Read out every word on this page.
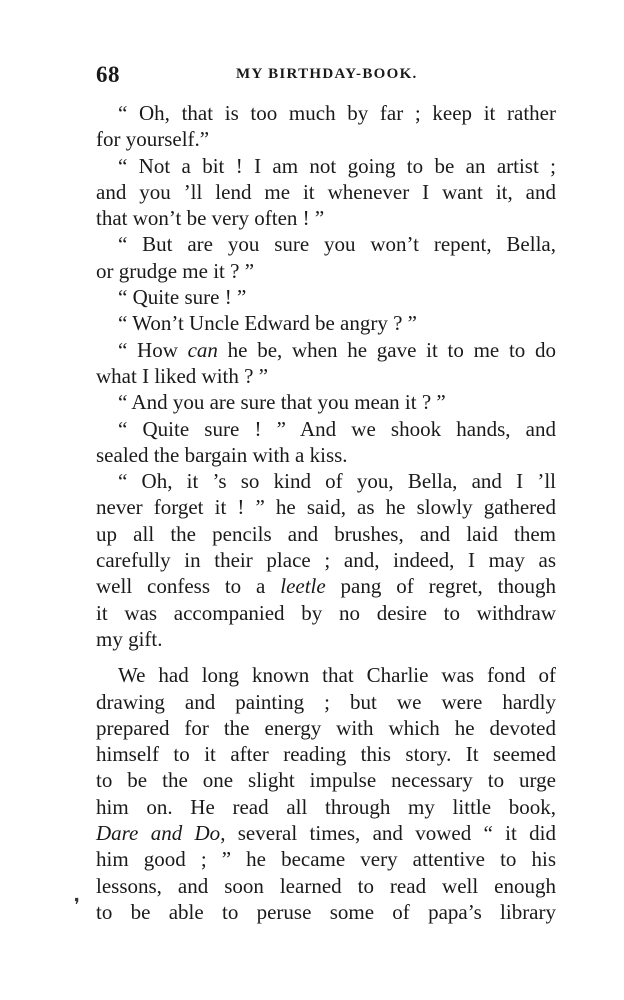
68	MY BIRTHDAY-BOOK.
“ Oh, that is too much by far ; keep it rather
for yourself.”
“ Not a bit ! I am not going to be an artist ;
and you ’ll lend me it whenever I want it, and
that won’t be very often ! ”
“ But are you sure you won’t repent, Bella,
or grudge me it ? ”
“ Quite sure ! ”
“ Won’t Uncle Edward be angry ? ”
“ How can he be, when he gave it to me to do
what I liked with ? ”
“ And you are sure that you mean it ? ”
“ Quite sure ! ” And we shook hands, and
sealed the bargain with a kiss.
“ Oh, it ’s so kind of you, Bella, and I ’ll
never forget it ! ” he said, as he slowly gathered
up all the pencils and brushes, and laid them
carefully in their place ; and, indeed, I may as
well confess to a leetle pang of regret, though
it was accompanied by no desire to withdraw
my gift.
We had long known that Charlie was fond of
drawing and painting ; but we were hardly
prepared for the energy with which he devoted
himself to it after reading this story. It seemed
to be the one slight impulse necessary to urge
him on. He read all through my little book,
Dare and Do, several times, and vowed “ it did
him good ; ” he became very attentive to his
lessons, and soon learned to read well enough
to be able to peruse some of papa’s library
❜
